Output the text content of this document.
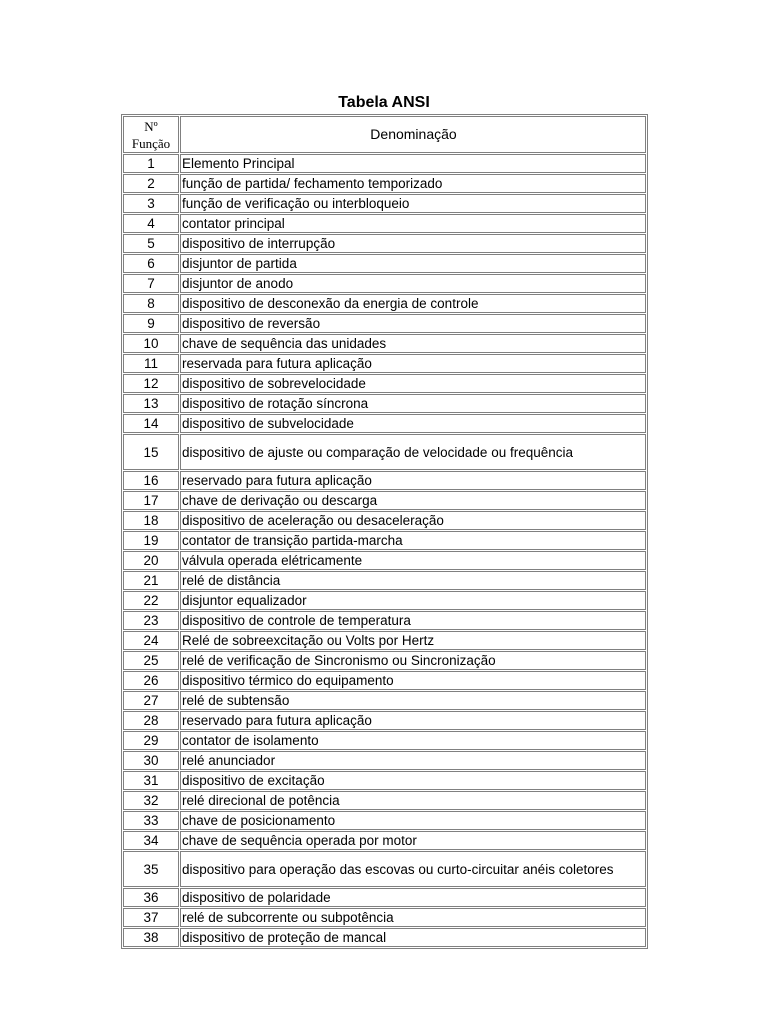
Tabela ANSI
Nº
Função	Denominação
1	Elemento Principal
2	função de partida/ fechamento temporizado
3	função de verificação ou interbloqueio
4	contator principal
5	dispositivo de interrupção
6	disjuntor de partida
7	disjuntor de anodo
8	dispositivo de desconexão da energia de controle
9	dispositivo de reversão
10	chave de sequência das unidades
11	reservada para futura aplicação
12	dispositivo de sobrevelocidade
13	dispositivo de rotação síncrona
14	dispositivo de subvelocidade
15	dispositivo de ajuste ou comparação de velocidade ou frequência
16	reservado para futura aplicação
17	chave de derivação ou descarga
18	dispositivo de aceleração ou desaceleração
19	contator de transição partida-marcha
20	válvula operada elétricamente
21	relé de distância
22	disjuntor equalizador
23	dispositivo de controle de temperatura
24	Relé de sobreexcitação ou Volts por Hertz
25	relé de verificação de Sincronismo ou Sincronização
26	dispositivo térmico do equipamento
27	relé de subtensão
28	reservado para futura aplicação
29	contator de isolamento
30	relé anunciador
31	dispositivo de excitação
32	relé direcional de potência
33	chave de posicionamento
34	chave de sequência operada por motor
35	dispositivo para operação das escovas ou curto-circuitar anéis coletores
36	dispositivo de polaridade
37	relé de subcorrente ou subpotência
38	dispositivo de proteção de mancal
